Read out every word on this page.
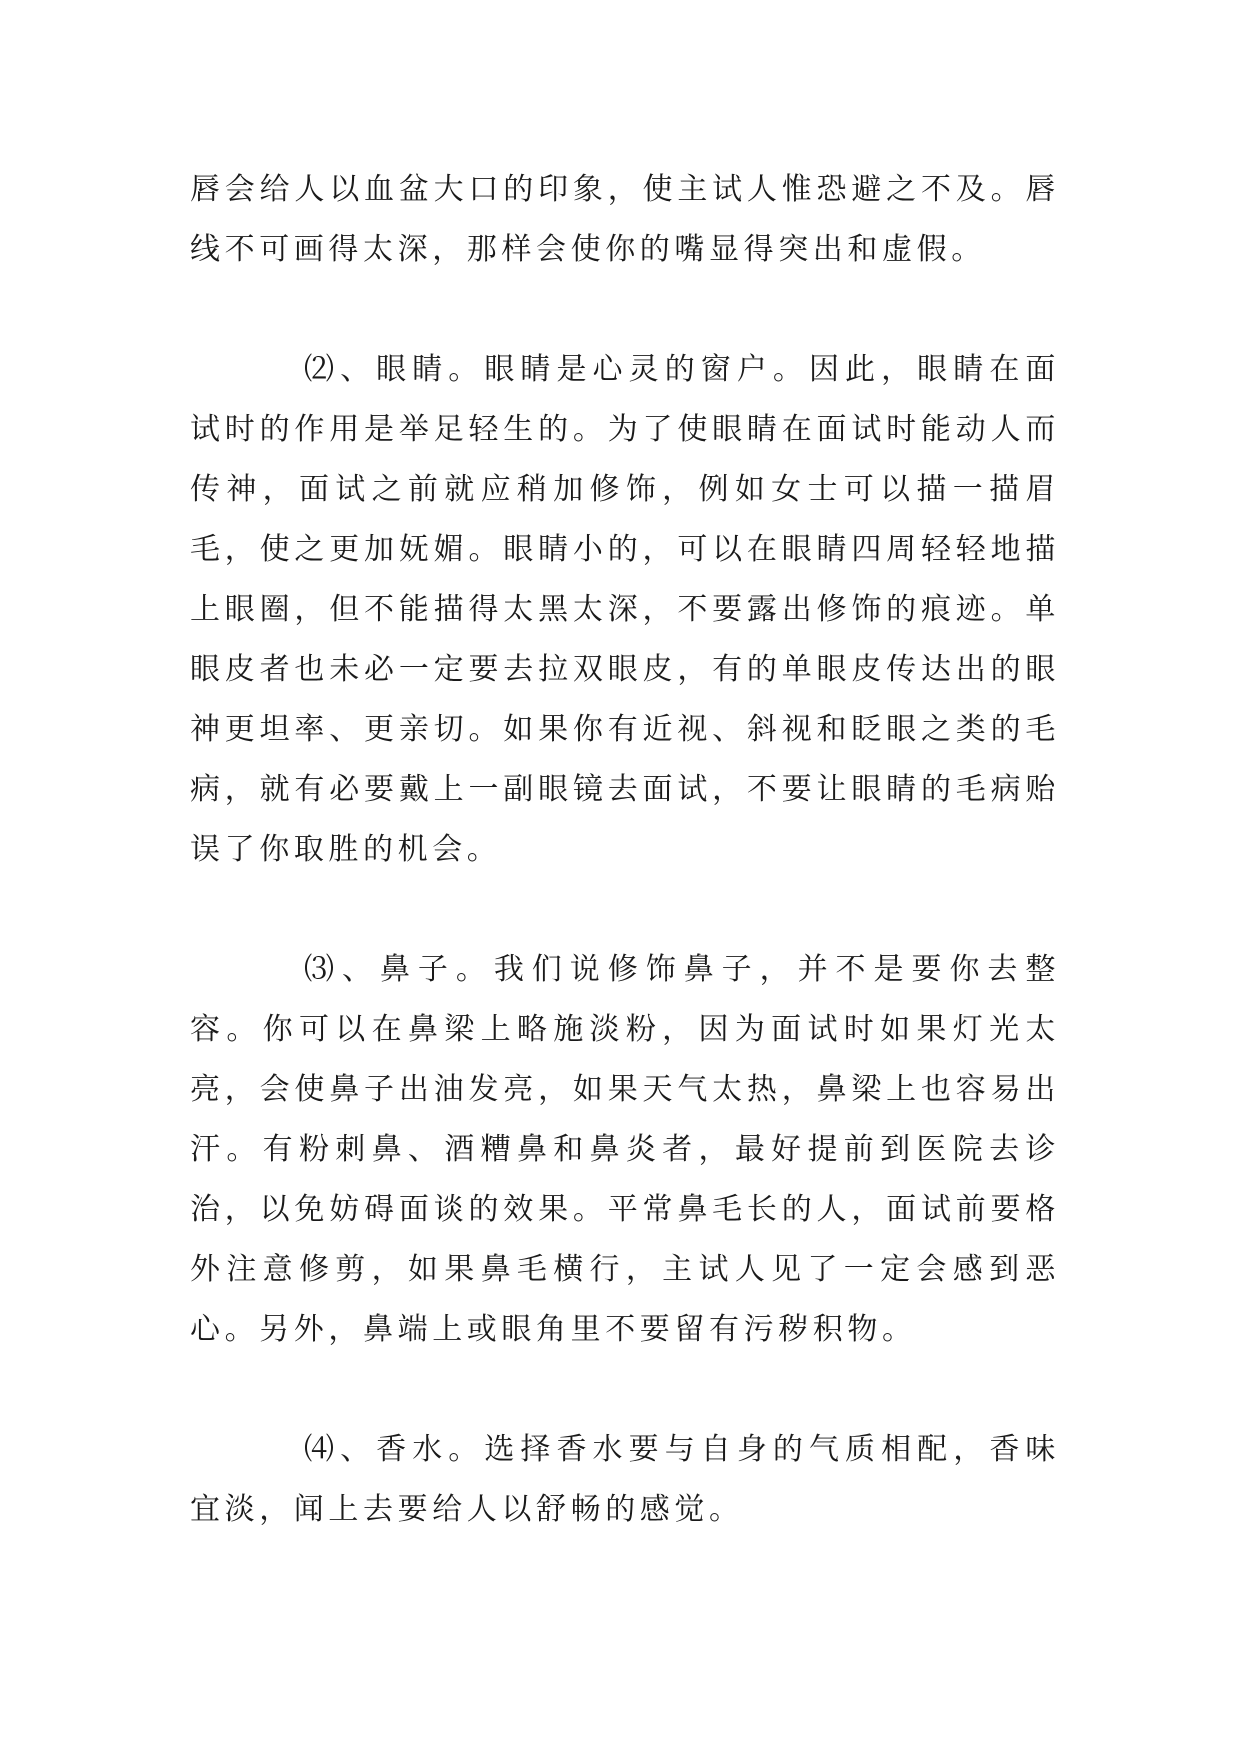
唇会给人以血盆大口的印象，使主试人惟恐避之不及。唇线不可画得太深，那样会使你的嘴显得突出和虚假。

⑵、眼睛。眼睛是心灵的窗户。因此，眼睛在面试时的作用是举足轻生的。为了使眼睛在面试时能动人而传神，面试之前就应稍加修饰，例如女士可以描一描眉毛，使之更加妩媚。眼睛小的，可以在眼睛四周轻轻地描上眼圈，但不能描得太黑太深，不要露出修饰的痕迹。单眼皮者也未必一定要去拉双眼皮，有的单眼皮传达出的眼神更坦率、更亲切。如果你有近视、斜视和眨眼之类的毛病，就有必要戴上一副眼镜去面试，不要让眼睛的毛病贻误了你取胜的机会。

⑶、鼻子。我们说修饰鼻子，并不是要你去整容。你可以在鼻梁上略施淡粉，因为面试时如果灯光太亮，会使鼻子出油发亮，如果天气太热，鼻梁上也容易出汗。有粉刺鼻、酒糟鼻和鼻炎者，最好提前到医院去诊治，以免妨碍面谈的效果。平常鼻毛长的人，面试前要格外注意修剪，如果鼻毛横行，主试人见了一定会感到恶心。另外，鼻端上或眼角里不要留有污秽积物。

⑷、香水。选择香水要与自身的气质相配，香味宜淡，闻上去要给人以舒畅的感觉。
